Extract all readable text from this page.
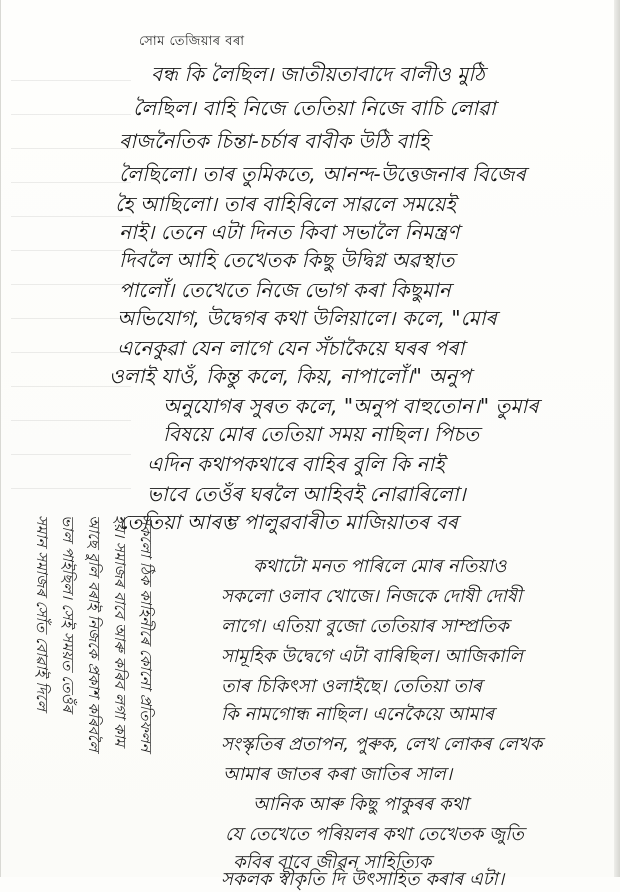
সোম তেজিয়াৰ বৰা
বন্ধ কি লৈছিল। জাতীয়তাবাদে বালীও মুঠি
লৈছিল। বাহি নিজে তেতিয়া নিজে বাচি লোৱা
ৰাজনৈতিক চিন্তা-চৰ্চাৰ বাবীক উঠি বাহি
লৈছিলো। তাৰ তুমিকতে, আনন্দ-উত্তেজনাৰ বিজেৰ
হৈ আছিলো। তাৰ বাহিৰিলে সাৱলে সময়েই
নাই। তেনে এটা দিনত কিবা সভালৈ নিমন্ত্ৰণ
দিবলৈ আহি তেখেতক কিছু উদ্বিগ্ন অৱস্থাত
পালোঁ। তেখেতে নিজে ভোগ কৰা কিছুমান
অভিযোগ, উদ্বেগৰ কথা উলিয়ালে। কলে, "মোৰ
এনেকুৱা যেন লাগে যেন সঁচাকৈয়ে ঘৰৰ পৰা
ওলাই যাওঁ, কিন্তু কলে, কিয়, নাপালোঁ।" অনুপ
অনুযোগৰ সুৰত কলে, "অনুপ বাহুতোন।" তুমাৰ
বিষয়ে মোৰ তেতিয়া সময় নাছিল। পিচত
এদিন কথাপকথাৰে বাহিৰ বুলি কি নাই
ভাবে তেওঁৰ ঘৰলৈ আহিবই নোৱাৰিলো।
তেতিয়া আৰম্ভ পালুৱবাৰীত মাজিয়াতৰ বৰ
কথাটো মনত পাৰিলে মোৰ নতিয়াও
সকলো ওলাব খোজে। নিজকে দোষী দোষী
লাগে। এতিয়া বুজো তেতিয়াৰ সাম্প্ৰতিক
সামূহিক উদ্বেগে এটা বাৰিছিল। আজিকালি
তাৰ চিকিৎসা ওলাইছে। তেতিয়া তাৰ
কি নামগোন্ধ নাছিল। এনেকৈয়ে আমাৰ
সংস্কৃতিৰ প্ৰতাপন, পুৰুক, লেখ লোকৰ লেখক
আমাৰ জাতৰ কৰা জাতিৰ সাল।
আনিক আৰু কিছু পাকুৰৰ কথা
যে তেখেতে পৰিয়লৰ কথা তেখেতক জুতি
কবিৰ বাবে জীৱন সাহিত্যিক
সকলক স্বীকৃতি দি উৎসাহিত কৰাৰ এটা।
সকলো ঠিক কাহিনীৰে কোনো প্ৰতিফলন
হয়। সমাজৰ বাবে আৰু কৰিব লগা কাম
আছে বুলি বৰাই নিজকে প্ৰকাশ কৰিবলৈ
ভাল পাইছিল। সেই সময়ত তেওঁৰ
সমান সমাজৰ সোঁত বোৱাই দিলে
